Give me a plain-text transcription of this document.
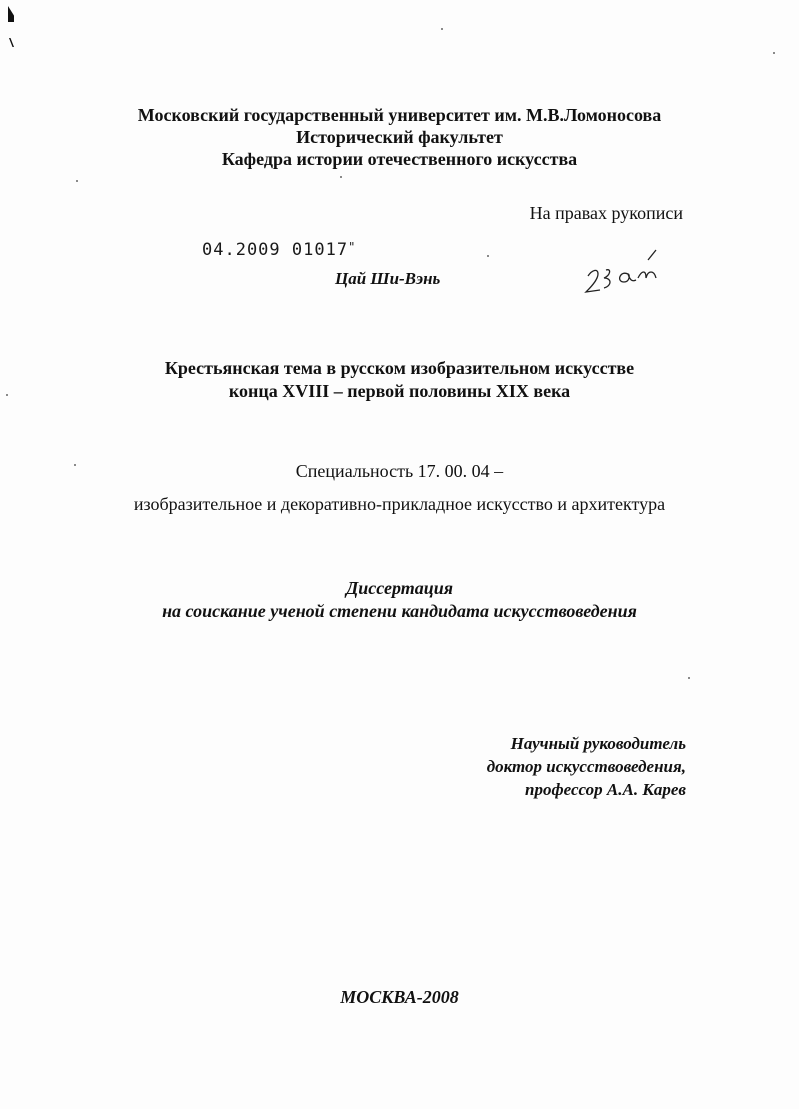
Московский государственный университет им. М.В.Ломоносова
Исторический факультет
Кафедра истории отечественного искусства
На правах рукописи
04.2009 01017"
Цай Ши-Вэнь
Крестьянская тема в русском изобразительном искусстве
конца XVIII – первой половины XIX века
Специальность 17. 00. 04 –
изобразительное и декоративно-прикладное искусство и архитектура
Диссертация
на соискание ученой степени кандидата искусствоведения
Научный руководитель
доктор искусствоведения,
профессор А.А. Карев
МОСКВА-2008
